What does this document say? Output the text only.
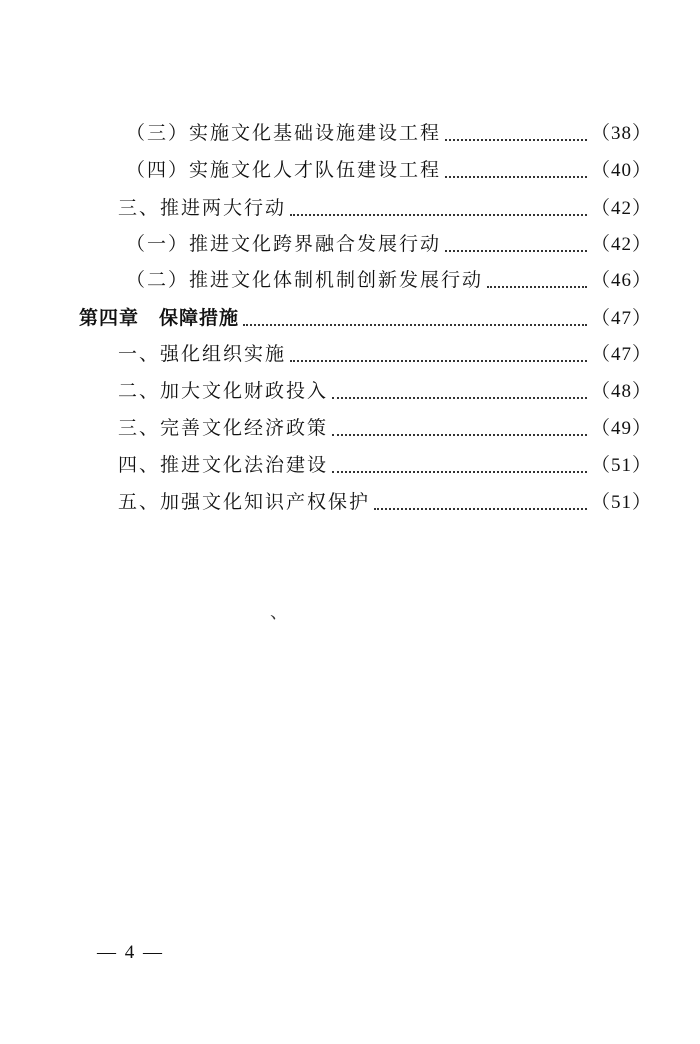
（三）实施文化基础设施建设工程	（38）
（四）实施文化人才队伍建设工程	（40）
三、推进两大行动	（42）
（一）推进文化跨界融合发展行动	（42）
（二）推进文化体制机制创新发展行动	（46）
第四章　保障措施	（47）
一、强化组织实施	（47）
二、加大文化财政投入	（48）
三、完善文化经济政策	（49）
四、推进文化法治建设	（51）
五、加强文化知识产权保护	（51）
、
— 4 —
